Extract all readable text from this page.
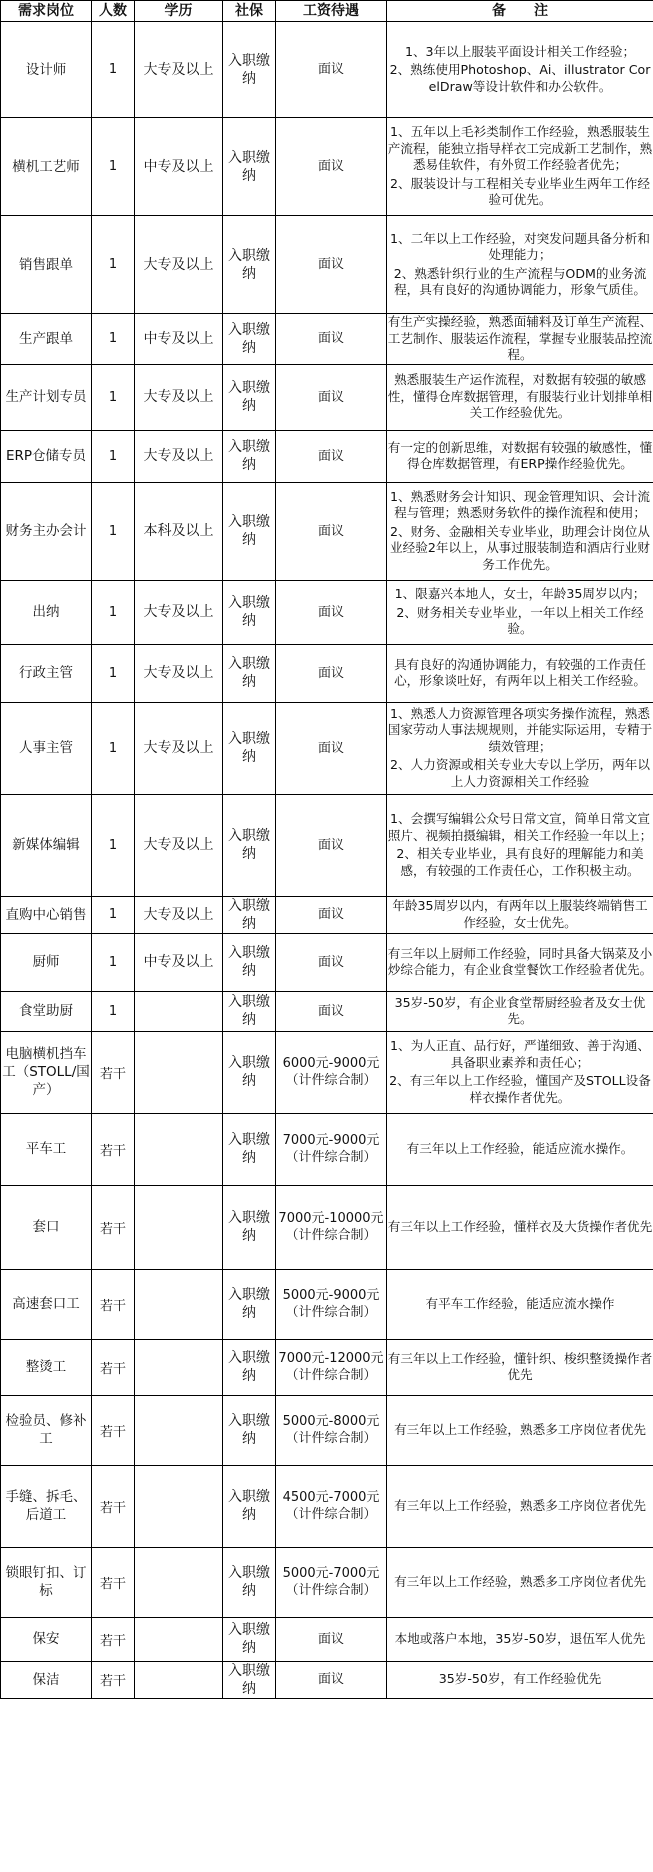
需求岗位	人数	学历	社保	工资待遇	备　　注
设计师	1	大专及以上	入职缴纳	面议	1、3年以上服装平面设计相关工作经验；
2、熟练使用Photoshop、Ai、illustrator CorelDraw等设计软件和办公软件。

横机工艺师	1	中专及以上	入职缴纳	面议	1、五年以上毛衫类制作工作经验，熟悉服装生产流程，能独立指导样衣工完成新工艺制作，熟悉易佳软件，有外贸工作经验者优先；
2、服装设计与工程相关专业毕业生两年工作经验可优先。

销售跟单	1	大专及以上	入职缴纳	面议	1、二年以上工作经验，对突发问题具备分析和处理能力；
2、熟悉针织行业的生产流程与ODM的业务流程，具有良好的沟通协调能力，形象气质佳。

生产跟单	1	中专及以上	入职缴纳	面议	有生产实操经验，熟悉面辅料及订单生产流程、工艺制作、服装运作流程，掌握专业服装品控流程。

生产计划专员	1	大专及以上	入职缴纳	面议	熟悉服装生产运作流程，对数据有较强的敏感性，懂得仓库数据管理，有服装行业计划排单相关工作经验优先。

ERP仓储专员	1	大专及以上	入职缴纳	面议	有一定的创新思维，对数据有较强的敏感性，懂得仓库数据管理，有ERP操作经验优先。

财务主办会计	1	本科及以上	入职缴纳	面议	1、熟悉财务会计知识、现金管理知识、会计流程与管理；熟悉财务软件的操作流程和使用；
2、财务、金融相关专业毕业，助理会计岗位从业经验2年以上，从事过服装制造和酒店行业财务工作优先。

出纳	1	大专及以上	入职缴纳	面议	1、限嘉兴本地人，女士，年龄35周岁以内；
2、财务相关专业毕业，一年以上相关工作经验。

行政主管	1	大专及以上	入职缴纳	面议	具有良好的沟通协调能力，有较强的工作责任心，形象谈吐好，有两年以上相关工作经验。

人事主管	1	大专及以上	入职缴纳	面议	1、熟悉人力资源管理各项实务操作流程，熟悉国家劳动人事法规规则，并能实际运用，专精于绩效管理；
2、人力资源或相关专业大专以上学历，两年以上人力资源相关工作经验

新媒体编辑	1	大专及以上	入职缴纳	面议	1、会撰写编辑公众号日常文宣，简单日常文宣照片、视频拍摄编辑，相关工作经验一年以上；
2、相关专业毕业，具有良好的理解能力和美感，有较强的工作责任心，工作积极主动。

直购中心销售	1	大专及以上	入职缴纳	面议	年龄35周岁以内，有两年以上服装终端销售工作经验，女士优先。

厨师	1	中专及以上	入职缴纳	面议	有三年以上厨师工作经验，同时具备大锅菜及小炒综合能力，有企业食堂餐饮工作经验者优先。

食堂助厨	1		入职缴纳	面议	35岁-50岁，有企业食堂帮厨经验者及女士优先。

电脑横机挡车工（STOLL/国产）	若干		入职缴纳	6000元-9000元（计件综合制）	1、为人正直、品行好，严谨细致、善于沟通、具备职业素养和责任心；
2、有三年以上工作经验，懂国产及STOLL设备样衣操作者优先。

平车工	若干		入职缴纳	7000元-9000元（计件综合制）	有三年以上工作经验，能适应流水操作。

套口	若干		入职缴纳	7000元-10000元（计件综合制）	有三年以上工作经验，懂样衣及大货操作者优先

高速套口工	若干		入职缴纳	5000元-9000元（计件综合制）	有平车工作经验，能适应流水操作

整烫工	若干		入职缴纳	7000元-12000元（计件综合制）	有三年以上工作经验，懂针织、梭织整烫操作者优先

检验员、修补工	若干		入职缴纳	5000元-8000元（计件综合制）	有三年以上工作经验，熟悉多工序岗位者优先

手缝、拆毛、后道工	若干		入职缴纳	4500元-7000元（计件综合制）	有三年以上工作经验，熟悉多工序岗位者优先

锁眼钉扣、订标	若干		入职缴纳	5000元-7000元（计件综合制）	有三年以上工作经验，熟悉多工序岗位者优先

保安	若干		入职缴纳	面议	本地或落户本地，35岁-50岁，退伍军人优先

保洁	若干		入职缴纳	面议	35岁-50岁，有工作经验优先
